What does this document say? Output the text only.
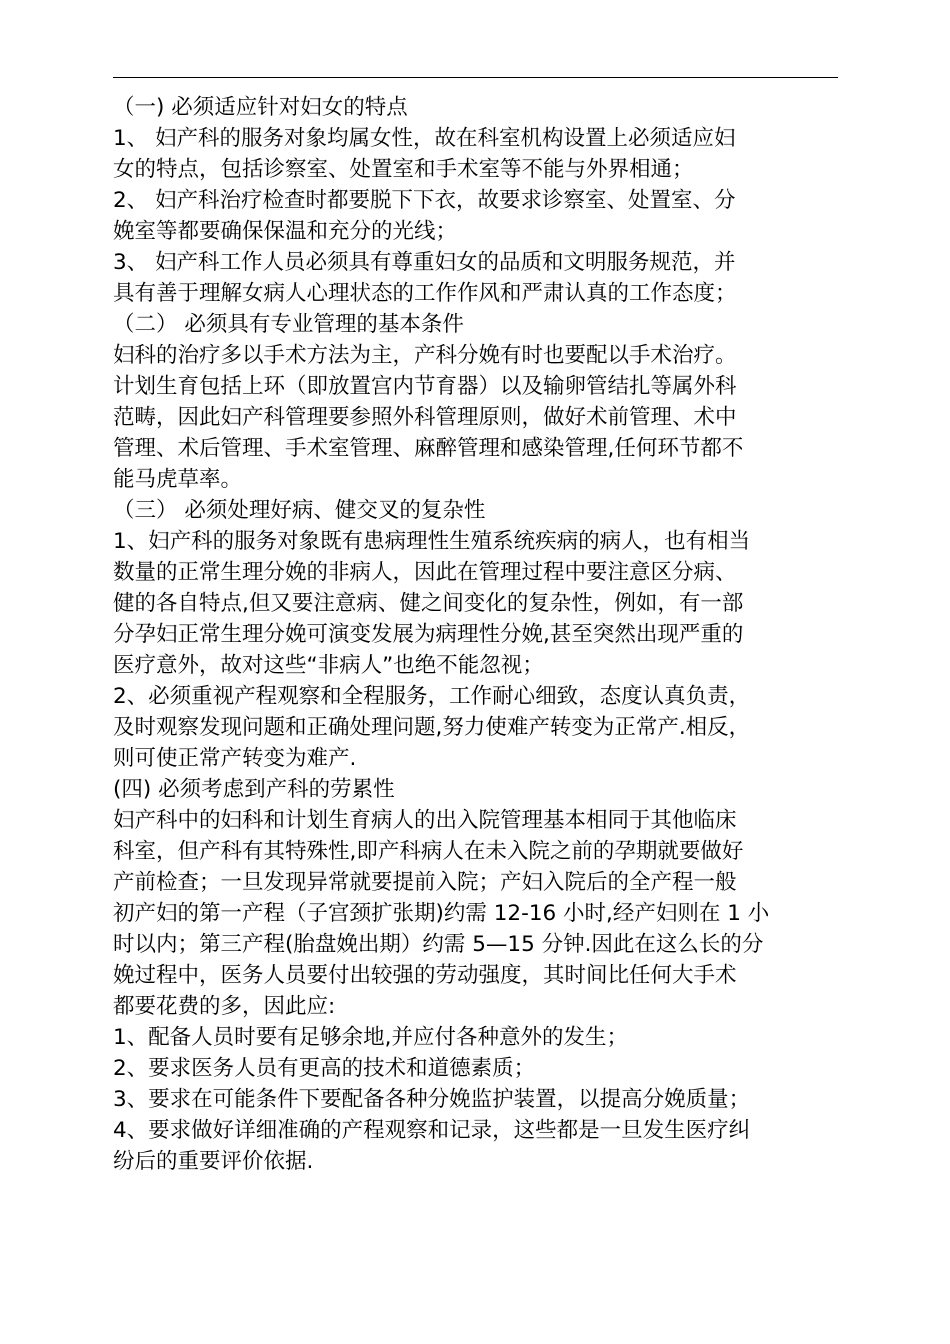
（一) 必须适应针对妇女的特点
1、 妇产科的服务对象均属女性，故在科室机构设置上必须适应妇
女的特点，包括诊察室、处置室和手术室等不能与外界相通；
2、 妇产科治疗检查时都要脱下下衣，故要求诊察室、处置室、分
娩室等都要确保保温和充分的光线；
3、 妇产科工作人员必须具有尊重妇女的品质和文明服务规范，并
具有善于理解女病人心理状态的工作作风和严肃认真的工作态度；
（二） 必须具有专业管理的基本条件
妇科的治疗多以手术方法为主，产科分娩有时也要配以手术治疗。
计划生育包括上环（即放置宫内节育器）以及输卵管结扎等属外科
范畴，因此妇产科管理要参照外科管理原则，做好术前管理、术中
管理、术后管理、手术室管理、麻醉管理和感染管理,任何环节都不
能马虎草率。
（三） 必须处理好病、健交叉的复杂性
1、妇产科的服务对象既有患病理性生殖系统疾病的病人，也有相当
数量的正常生理分娩的非病人，因此在管理过程中要注意区分病、
健的各自特点,但又要注意病、健之间变化的复杂性，例如，有一部
分孕妇正常生理分娩可演变发展为病理性分娩,甚至突然出现严重的
医疗意外，故对这些“非病人”也绝不能忽视；
2、必须重视产程观察和全程服务，工作耐心细致，态度认真负责，
及时观察发现问题和正确处理问题,努力使难产转变为正常产.相反，
则可使正常产转变为难产.
(四) 必须考虑到产科的劳累性
妇产科中的妇科和计划生育病人的出入院管理基本相同于其他临床
科室，但产科有其特殊性,即产科病人在未入院之前的孕期就要做好
产前检查；一旦发现异常就要提前入院；产妇入院后的全产程一般
初产妇的第一产程（子宫颈扩张期)约需 12-16 小时,经产妇则在 1 小
时以内；第三产程(胎盘娩出期）约需 5—15 分钟.因此在这么长的分
娩过程中，医务人员要付出较强的劳动强度，其时间比任何大手术
都要花费的多，因此应:
1、配备人员时要有足够余地,并应付各种意外的发生；
2、要求医务人员有更高的技术和道德素质；
3、要求在可能条件下要配备各种分娩监护装置，以提高分娩质量；
4、要求做好详细准确的产程观察和记录，这些都是一旦发生医疗纠
纷后的重要评价依据.
